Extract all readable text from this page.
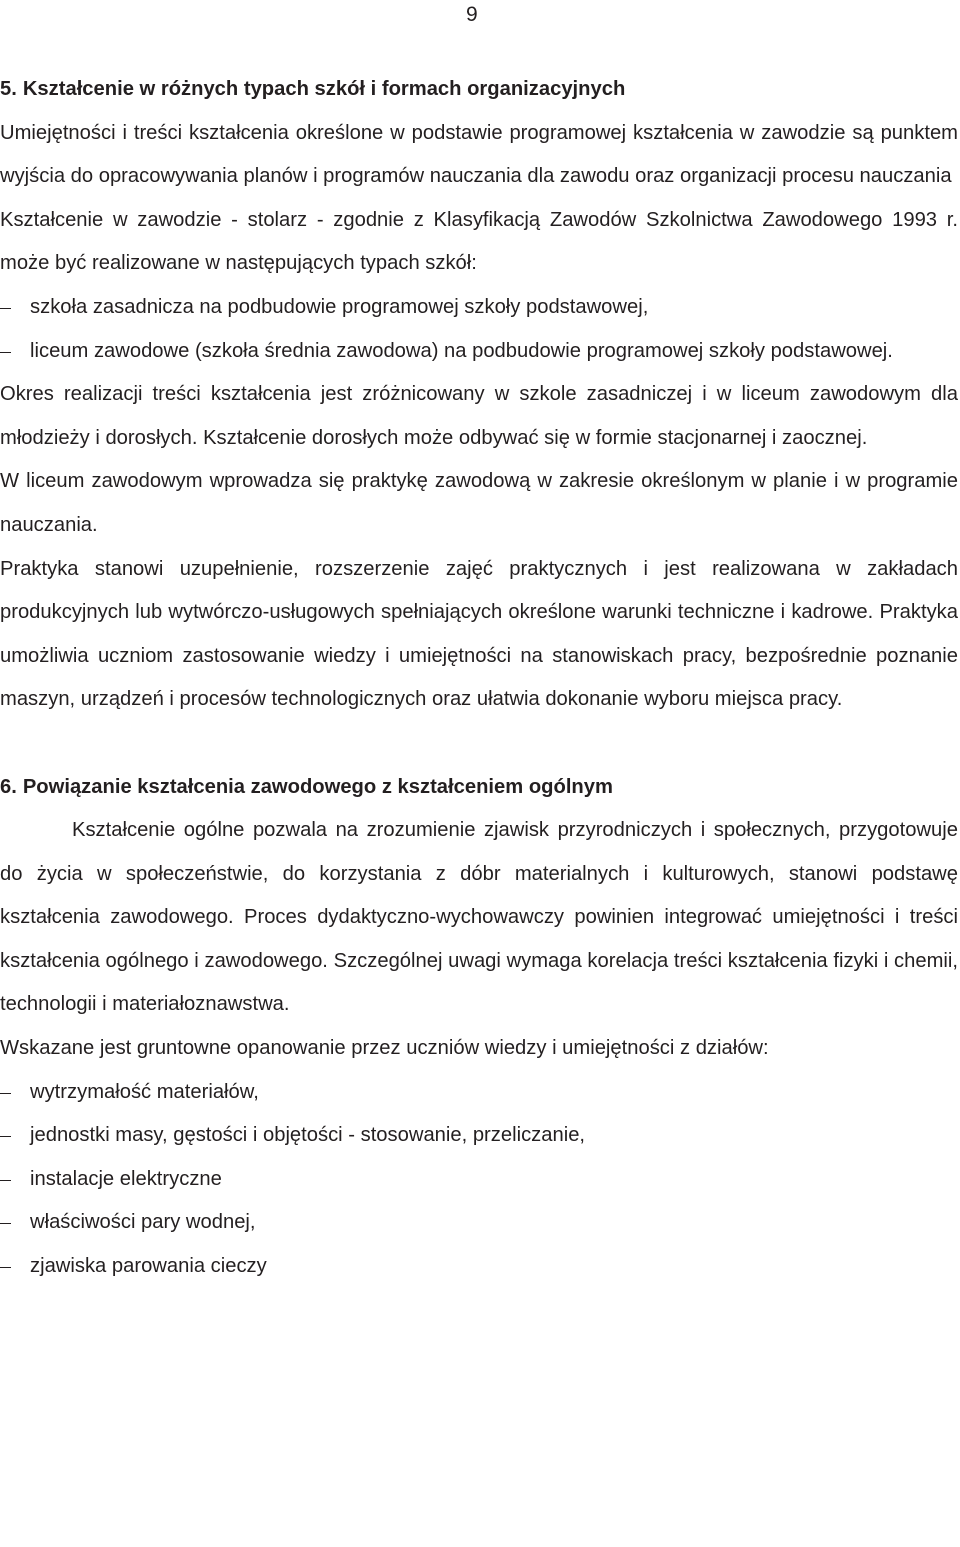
9
5. Kształcenie w różnych typach szkół i formach organizacyjnych

Umiejętności i treści kształcenia określone w podstawie programowej kształcenia w zawodzie są punktem wyjścia do opracowywania planów i programów nauczania dla zawodu oraz organizacji procesu nauczania

Kształcenie w zawodzie - stolarz - zgodnie z Klasyfikacją Zawodów Szkolnictwa Zawodowego 1993 r. może być realizowane w następujących typach szkół:

szkoła zasadnicza na podbudowie programowej szkoły podstawowej,
liceum zawodowe (szkoła średnia zawodowa) na podbudowie programowej szkoły podstawowej.

Okres realizacji treści kształcenia jest zróżnicowany w szkole zasadniczej i w liceum zawodowym dla młodzieży i dorosłych. Kształcenie dorosłych może odbywać się w formie stacjonarnej i zaocznej.

W liceum zawodowym wprowadza się praktykę zawodową w zakresie określonym w planie i w programie nauczania.

Praktyka stanowi uzupełnienie, rozszerzenie zajęć praktycznych i jest realizowana w zakładach produkcyjnych lub wytwórczo-usługowych spełniających określone warunki techniczne i kadrowe. Praktyka umożliwia uczniom zastosowanie wiedzy i umiejętności na stanowiskach pracy, bezpośrednie poznanie maszyn, urządzeń i procesów technologicznych oraz ułatwia dokonanie wyboru miejsca pracy.

6. Powiązanie kształcenia zawodowego z kształceniem ogólnym

Kształcenie ogólne pozwala na zrozumienie zjawisk przyrodniczych i społecznych, przygotowuje do życia w społeczeństwie, do korzystania z dóbr materialnych i kulturowych, stanowi podstawę kształcenia zawodowego. Proces dydaktyczno-wychowawczy powinien integrować umiejętności i treści kształcenia ogólnego i zawodowego. Szczególnej uwagi wymaga korelacja treści kształcenia fizyki i chemii, technologii i materiałoznawstwa.

Wskazane jest gruntowne opanowanie przez uczniów wiedzy i umiejętności z działów:

wytrzymałość materiałów,
jednostki masy, gęstości i objętości - stosowanie, przeliczanie,
instalacje elektryczne
właściwości pary wodnej,
zjawiska parowania cieczy
